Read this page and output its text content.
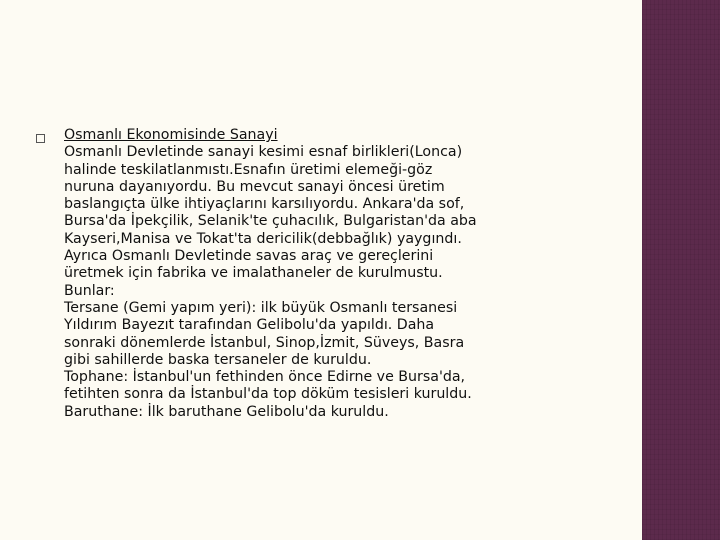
Osmanlı Ekonomisinde Sanayi
Osmanlı Devletinde sanayi kesimi esnaf birlikleri(Lonca)
halinde teskilatlanmıstı.Esnafın üretimi elemeği-göz
nuruna dayanıyordu. Bu mevcut sanayi öncesi üretim
baslangıçta ülke ihtiyaçlarını karsılıyordu. Ankara'da sof,
Bursa'da İpekçilik, Selanik'te çuhacılık, Bulgaristan'da aba
Kayseri,Manisa ve Tokat'ta dericilik(debbağlık) yaygındı.
Ayrıca Osmanlı Devletinde savas araç ve gereçlerini
üretmek için fabrika ve imalathaneler de kurulmustu.
Bunlar:
Tersane (Gemi yapım yeri): ilk büyük Osmanlı tersanesi
Yıldırım Bayezıt tarafından Gelibolu'da yapıldı. Daha
sonraki dönemlerde İstanbul, Sinop,İzmit, Süveys, Basra
gibi sahillerde baska tersaneler de kuruldu.
Tophane: İstanbul'un fethinden önce Edirne ve Bursa'da,
fetihten sonra da İstanbul'da top döküm tesisleri kuruldu.
Baruthane: İlk baruthane Gelibolu'da kuruldu.
